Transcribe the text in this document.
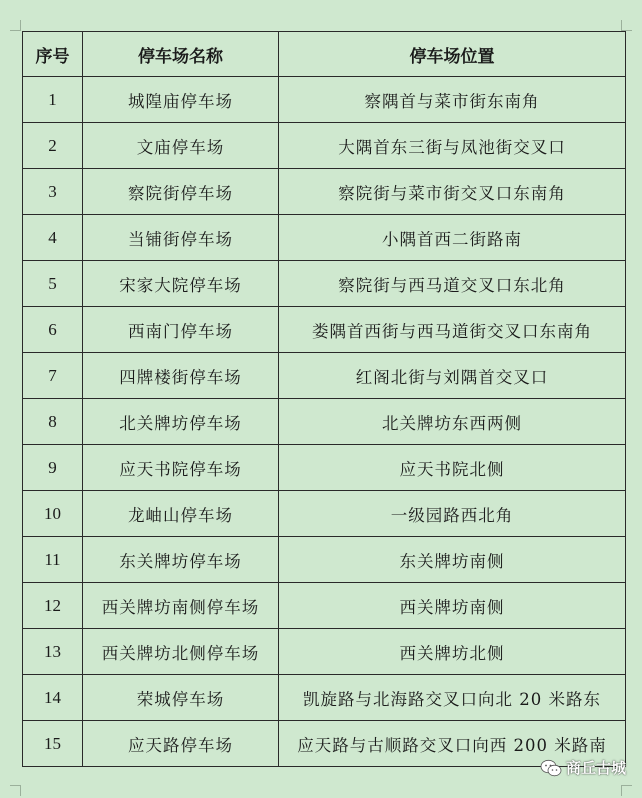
序号	停车场名称	停车场位置
1	城隍庙停车场	察隅首与菜市街东南角
2	文庙停车场	大隅首东三街与凤池街交叉口
3	察院街停车场	察院街与菜市街交叉口东南角
4	当铺街停车场	小隅首西二街路南
5	宋家大院停车场	察院街与西马道交叉口东北角
6	西南门停车场	娄隅首西街与西马道街交叉口东南角
7	四牌楼街停车场	红阁北街与刘隅首交叉口
8	北关牌坊停车场	北关牌坊东西两侧
9	应天书院停车场	应天书院北侧
10	龙岫山停车场	一级园路西北角
11	东关牌坊停车场	东关牌坊南侧
12	西关牌坊南侧停车场	西关牌坊南侧
13	西关牌坊北侧停车场	西关牌坊北侧
14	荣城停车场	凯旋路与北海路交叉口向北 20 米路东
15	应天路停车场	应天路与古顺路交叉口向西 200 米路南
商丘古城
